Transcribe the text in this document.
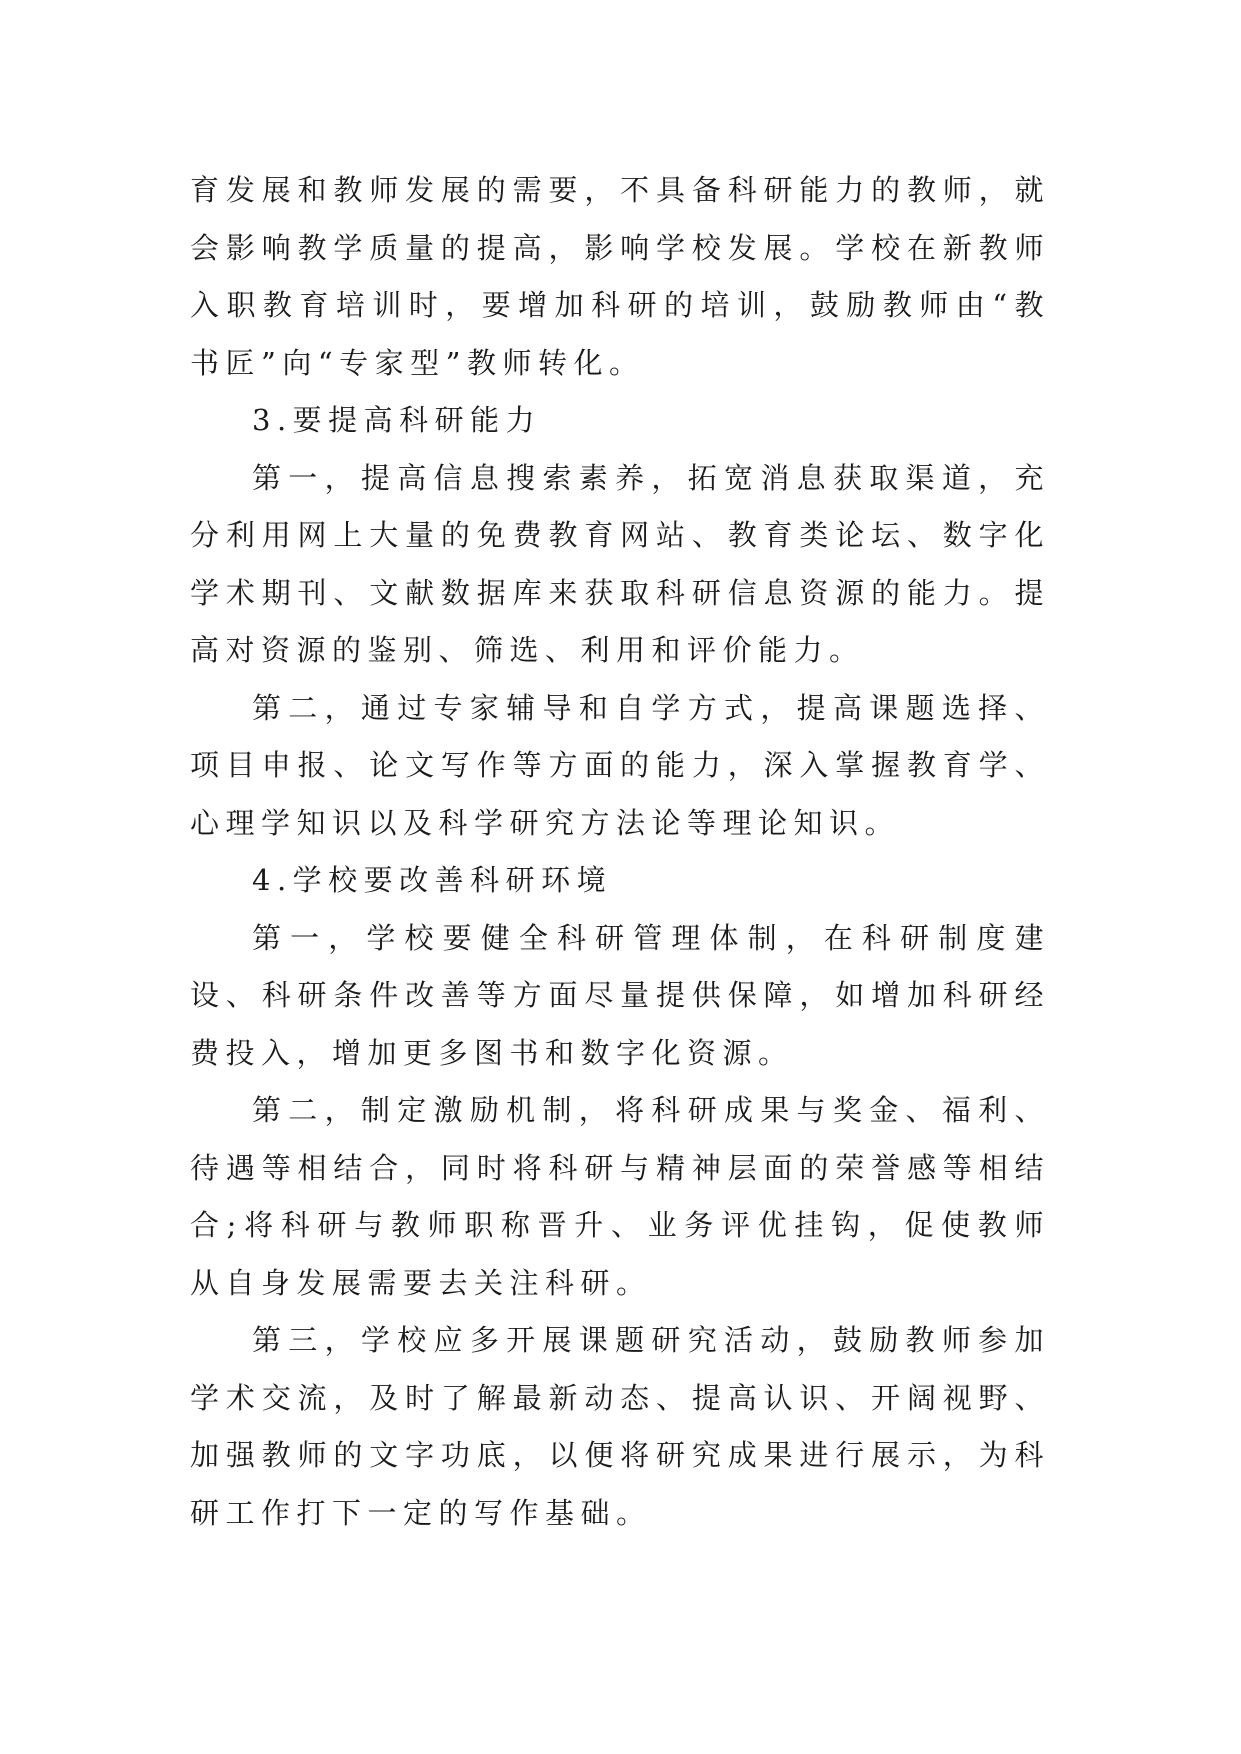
育发展和教师发展的需要，不具备科研能力的教师，就会影响教学质量的提高，影响学校发展。学校在新教师入职教育培训时，要增加科研的培训，鼓励教师由“教书匠”向“专家型”教师转化。

3.要提高科研能力

第一，提高信息搜索素养，拓宽消息获取渠道，充分利用网上大量的免费教育网站、教育类论坛、数字化学术期刊、文献数据库来获取科研信息资源的能力。提高对资源的鉴别、筛选、利用和评价能力。

第二，通过专家辅导和自学方式，提高课题选择、项目申报、论文写作等方面的能力，深入掌握教育学、心理学知识以及科学研究方法论等理论知识。

4.学校要改善科研环境

第一，学校要健全科研管理体制，在科研制度建设、科研条件改善等方面尽量提供保障，如增加科研经费投入，增加更多图书和数字化资源。

第二，制定激励机制，将科研成果与奖金、福利、待遇等相结合，同时将科研与精神层面的荣誉感等相结合;将科研与教师职称晋升、业务评优挂钩，促使教师从自身发展需要去关注科研。

第三，学校应多开展课题研究活动，鼓励教师参加学术交流，及时了解最新动态、提高认识、开阔视野、加强教师的文字功底，以便将研究成果进行展示，为科研工作打下一定的写作基础。
